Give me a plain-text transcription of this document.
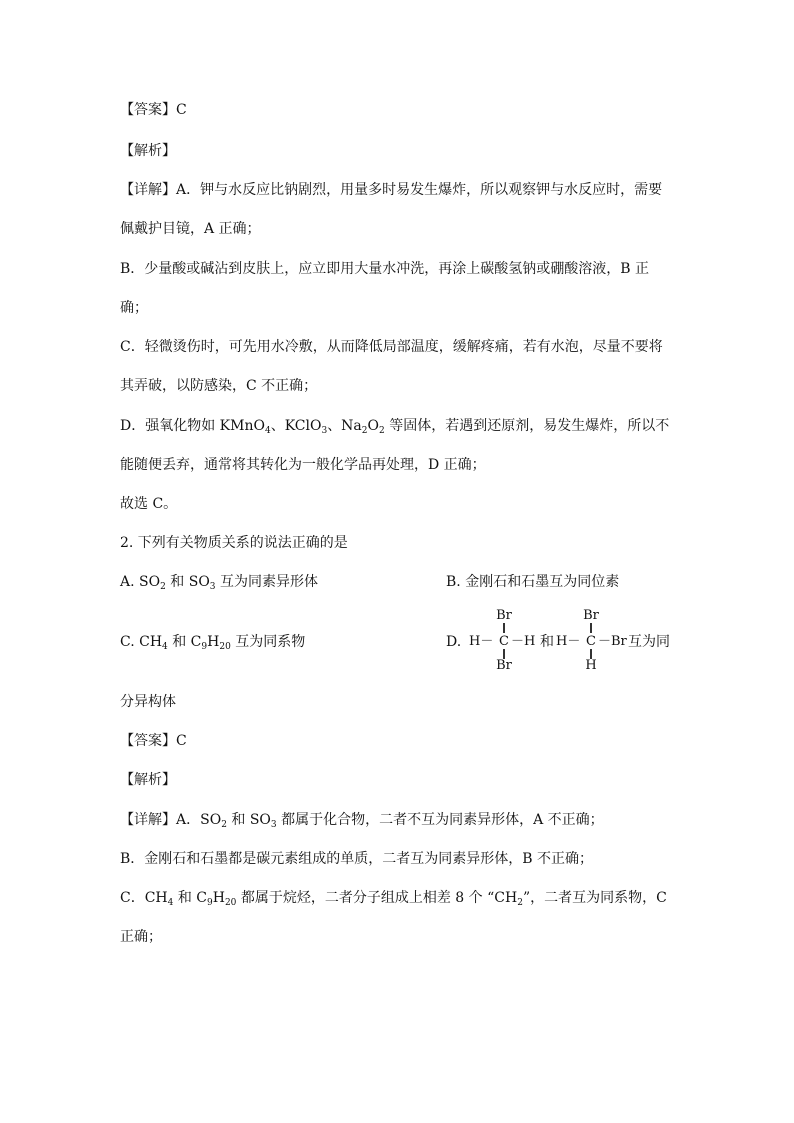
【答案】C
【解析】
【详解】A．钾与水反应比钠剧烈，用量多时易发生爆炸，所以观察钾与水反应时，需要
佩戴护目镜，A 正确；
B．少量酸或碱沾到皮肤上，应立即用大量水冲洗，再涂上碳酸氢钠或硼酸溶液，B 正
确；
C．轻微烫伤时，可先用水冷敷，从而降低局部温度，缓解疼痛，若有水泡，尽量不要将
其弄破，以防感染，C 不正确；
D．强氧化物如 KMnO$_4$、KClO$_3$、$Na_2O_2$ 等固体，若遇到还原剂，易发生爆炸，所以不
能随便丢弃，通常将其转化为一般化学品再处理，D 正确；
故选 C。
2. 下列有关物质关系的说法正确的是
A. $SO_2$ 和 $SO_3$ 互为同素异形体	B. 金刚石和石墨互为同位素
C. $CH_4$ 和 $C_9H_{20}$ 互为同系物	D.
Br
H－ C －H
Br
和
Br
H－ C －Br
H
互为同
分异构体
【答案】C
【解析】
【详解】A．$SO_2$ 和 $SO_3$ 都属于化合物，二者不互为同素异形体，A 不正确；
B．金刚石和石墨都是碳元素组成的单质，二者互为同素异形体，B 不正确；
C．$CH_4$ 和 $C_9H_{20}$ 都属于烷烃，二者分子组成上相差 8 个 “$CH_2$”，二者互为同系物，C
正确；
